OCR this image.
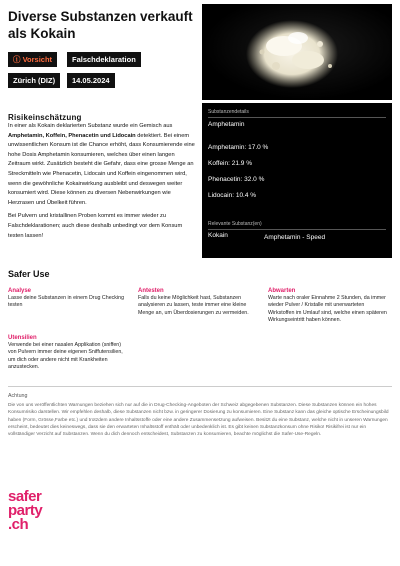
Diverse Substanzen verkauft als Kokain
ⓘ Vorsicht	Falschdeklaration
Zürich (DIZ)	14.05.2024
Risikeinschätzung

In einer als Kokain deklarierten Substanz wurde ein Gemisch aus Amphetamin, Koffein, Phenacetin und Lidocain detektiert. Bei einem unwissentlichen Konsum ist die Chance erhöht, dass Konsumierende eine hohe Dosis Amphetamin konsumieren, welches über einen langen Zeitraum wirkt. Zusätzlich besteht die Gefahr, dass eine grosse Menge an Streckmitteln wie Phenacetin, Lidocain und Koffein eingenommen wird, wenn die gewöhnliche Kokainwirkung ausbleibt und deswegen weiter konsumiert wird. Diese können zu diversen Nebenwirkungen wie Herzrasen und Übelkeit führen.

Bei Pulvern und kristallinen Proben kommt es immer wieder zu Falschdeklarationen; auch diese deshalb unbedingt vor dem Konsum testen lassen!

Substanzendetails
Amphetamin
Amphetamin: 17.0 %
Koffein: 21.9 %
Phenacetin: 32.0 %
Lidocain: 10.4 %
Relevante Substanz(en)
Kokain	Amphetamin - Speed
Safer Use
Analyse
Lasse deine Substanzen in einem Drug Checking testen
Antesten
Falls du keine Möglichkeit hast, Substanzen analysieren zu lassen, teste immer eine kleine Menge an, um Überdosierungen zu vermeiden.
Abwarten
Warte nach oraler Einnahme 2 Stunden, da immer wieder Pulver / Kristalle mit unerwarteten Wirkstoffen im Umlauf sind, welche einen späteren Wirkungseintritt haben können.
Utensilien
Verwende bei einer nasalen Applikation (sniffen) von Pulvern immer deine eigenen Sniffutensilien, um dich oder andere nicht mit Krankheiten anzustecken.
Achtung
Die von uns veröffentlichten Warnungen beziehen sich nur auf die in Drug-Checking-Angeboten der Schweiz abgegebenen Substanzen. Diese Substanzen können ein hohes Konsumrisiko darstellen. Wir empfehlen deshalb, diese Substanzen nicht bzw. in geringerer Dosierung zu konsumieren. Eine Substanz kann das gleiche optische Erscheinungsbild haben (Form, Grösse,Farbe etc.) und trotzdem andere Inhaltsstoffe oder eine andere Zusammensetzung aufweisen. Besitzt du eine Substanz, welche nicht in unseren Warnungen erscheint, bedeutet dies keineswegs, dass sie den erwarteten Inhaltsstoff enthält oder unbedenklich ist. Es gibt keinen Substanzkonsum ohne Risiko! Risikifrei ist nur ein vollständiger Verzicht auf Substanzen. Wenn du dich dennoch entscheidest, Substanzen zu konsumieren, beachte möglichst die Safer-Use-Regeln.
safer
party
.ch
